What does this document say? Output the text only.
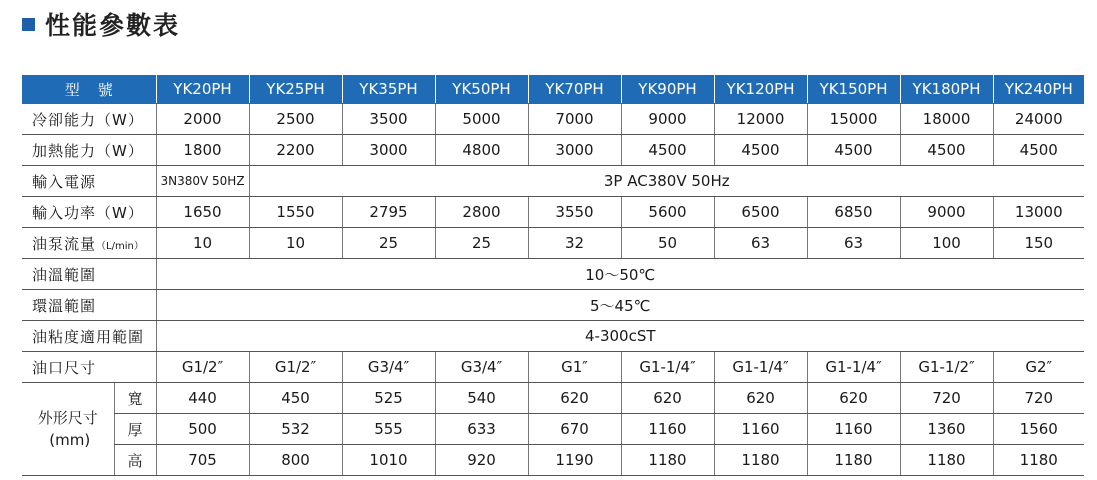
性能參數表
型號		YK20PH	YK25PH	YK35PH	YK50PH	YK70PH	YK90PH	YK120PH	YK150PH	YK180PH	YK240PH
冷卻能力（W）		2000	2500	3500	5000	7000	9000	12000	15000	18000	24000
加熱能力（W）		1800	2200	3000	4800	3000	4500	4500	4500	4500	4500
輸入電源		3N380V 50HZ	3P AC380V 50Hz								
輸入功率（W）		1650	1550	2795	2800	3550	5600	6500	6850	9000	13000
油泵流量（L/min）		10	10	25	25	32	50	63	63	100	150
油溫範圍		10～50℃									
環溫範圍		5～45℃									
油粘度適用範圍		4-300cST									
油口尺寸		G1/2″	G1/2″	G3/4″	G3/4″	G1″	G1-1/4″	G1-1/4″	G1-1/4″	G1-1/2″	G2″

外形尺寸
(mm)	寬	440	450	525	540	620	620	620	620	720	720
	厚	500	532	555	633	670	1160	1160	1160	1360	1560
	高	705	800	1010	920	1190	1180	1180	1180	1180	1180
